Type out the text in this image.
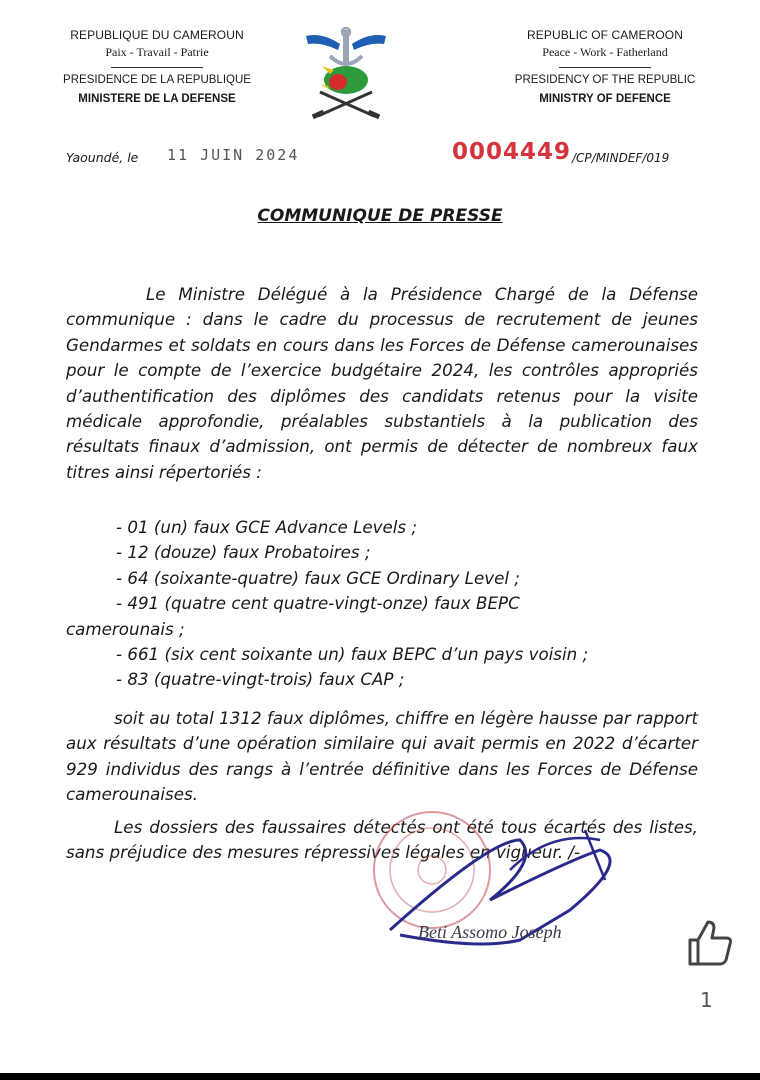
REPUBLIQUE DU CAMEROUN
Paix - Travail - Patrie
PRESIDENCE DE LA REPUBLIQUE
MINISTERE DE LA DEFENSE
REPUBLIC OF CAMEROON
Peace - Work - Fatherland
PRESIDENCY OF THE REPUBLIC
MINISTRY OF DEFENCE
Yaoundé, le 11 JUIN 2024	0004449 /CP/MINDEF/019
COMMUNIQUE DE PRESSE
Le Ministre Délégué à la Présidence Chargé de la Défense communique : dans le cadre du processus de recrutement de jeunes Gendarmes et soldats en cours dans les Forces de Défense camerounaises pour le compte de l’exercice budgétaire 2024, les contrôles appropriés d’authentification des diplômes des candidats retenus pour la visite médicale approfondie, préalables substantiels à la publication des résultats finaux d’admission, ont permis de détecter de nombreux faux titres ainsi répertoriés :
- 01 (un) faux GCE Advance Levels ;
- 12 (douze) faux Probatoires ;
- 64 (soixante-quatre) faux GCE Ordinary Level ;
- 491 (quatre cent quatre-vingt-onze) faux BEPC
camerounais ;
- 661 (six cent soixante un) faux BEPC d’un pays voisin ;
- 83 (quatre-vingt-trois) faux CAP ;
soit au total 1312 faux diplômes, chiffre en légère hausse par rapport aux résultats d’une opération similaire qui avait permis en 2022 d’écarter 929 individus des rangs à l’entrée définitive dans les Forces de Défense camerounaises.
Les dossiers des faussaires détectés ont été tous écartés des listes, sans préjudice des mesures répressives légales en vigueur. /-
Beti Assomo Joseph
1
